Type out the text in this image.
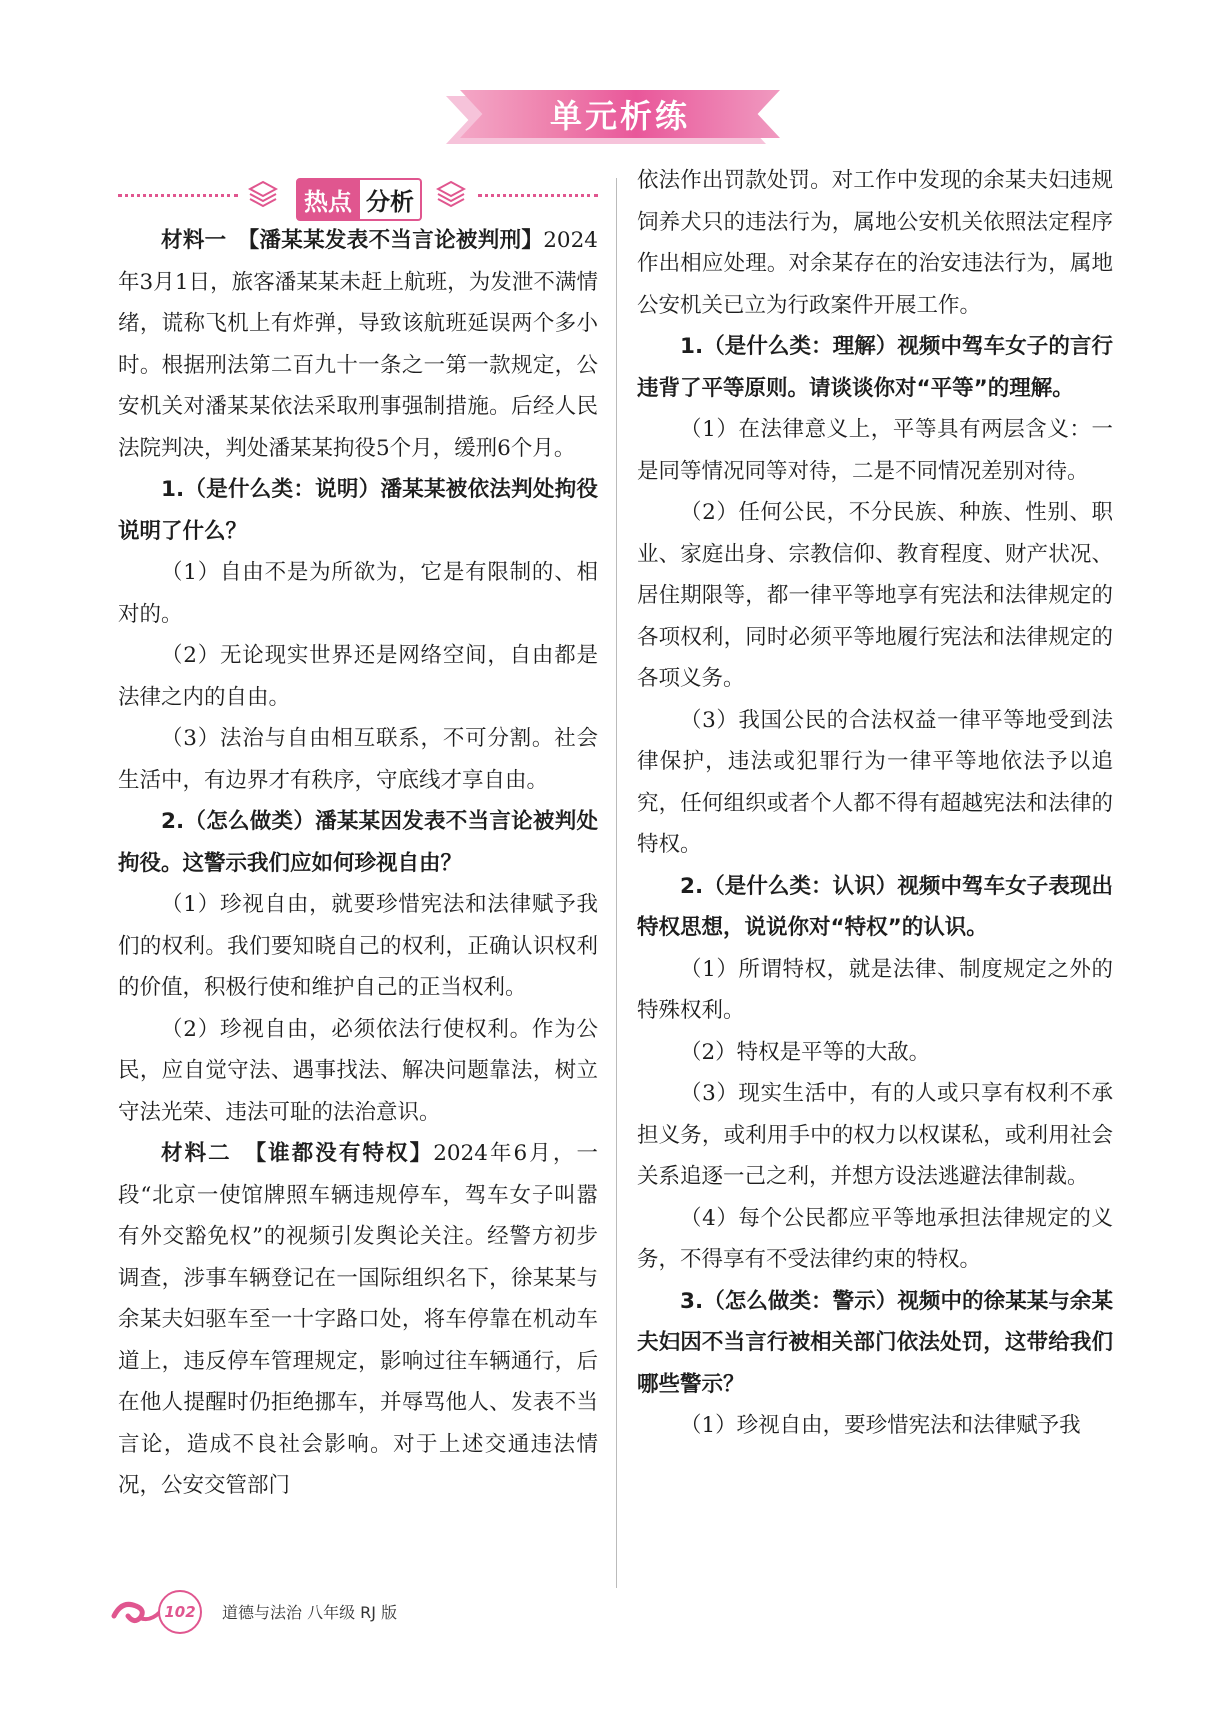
单元析练
热点 分析

材料一　 【潘某某发表不当言论被判刑】2024年3月1日，旅客潘某某未赶上航班，为发泄不满情绪，谎称飞机上有炸弹，导致该航班延误两个多小时。根据刑法第二百九十一条之一第一款规定，公安机关对潘某某依法采取刑事强制措施。后经人民法院判决，判处潘某某拘役5个月，缓刑6个月。

1.（是什么类：说明）潘某某被依法判处拘役说明了什么？

（1）自由不是为所欲为，它是有限制的、相对的。

（2）无论现实世界还是网络空间，自由都是法律之内的自由。

（3）法治与自由相互联系，不可分割。社会生活中，有边界才有秩序，守底线才享自由。

2.（怎么做类）潘某某因发表不当言论被判处拘役。这警示我们应如何珍视自由？

（1）珍视自由，就要珍惜宪法和法律赋予我们的权利。我们要知晓自己的权利，正确认识权利的价值，积极行使和维护自己的正当权利。

（2）珍视自由，必须依法行使权利。作为公民，应自觉守法、遇事找法、解决问题靠法，树立守法光荣、违法可耻的法治意识。

材料二　 【谁都没有特权】2024年6月，一段“北京一使馆牌照车辆违规停车，驾车女子叫嚣有外交豁免权”的视频引发舆论关注。经警方初步调查，涉事车辆登记在一国际组织名下，徐某某与余某夫妇驱车至一十字路口处，将车停靠在机动车道上，违反停车管理规定，影响过往车辆通行，后在他人提醒时仍拒绝挪车，并辱骂他人、发表不当言论，造成不良社会影响。对于上述交通违法情况，公安交管部门

依法作出罚款处罚。对工作中发现的余某夫妇违规饲养犬只的违法行为，属地公安机关依照法定程序作出相应处理。对余某存在的治安违法行为，属地公安机关已立为行政案件开展工作。

1.（是什么类：理解）视频中驾车女子的言行违背了平等原则。请谈谈你对“平等”的理解。

（1）在法律意义上，平等具有两层含义：一是同等情况同等对待，二是不同情况差别对待。

（2）任何公民，不分民族、种族、性别、职业、家庭出身、宗教信仰、教育程度、财产状况、居住期限等，都一律平等地享有宪法和法律规定的各项权利，同时必须平等地履行宪法和法律规定的各项义务。

（3）我国公民的合法权益一律平等地受到法律保护，违法或犯罪行为一律平等地依法予以追究，任何组织或者个人都不得有超越宪法和法律的特权。

2.（是什么类：认识）视频中驾车女子表现出特权思想，说说你对“特权”的认识。

（1）所谓特权，就是法律、制度规定之外的特殊权利。

（2）特权是平等的大敌。

（3）现实生活中，有的人或只享有权利不承担义务，或利用手中的权力以权谋私，或利用社会关系追逐一己之利，并想方设法逃避法律制裁。

（4）每个公民都应平等地承担法律规定的义务，不得享有不受法律约束的特权。

3.（怎么做类：警示）视频中的徐某某与余某夫妇因不当言行被相关部门依法处罚，这带给我们哪些警示？

（1）珍视自由，要珍惜宪法和法律赋予我

102	道德与法治 八年级 RJ 版
